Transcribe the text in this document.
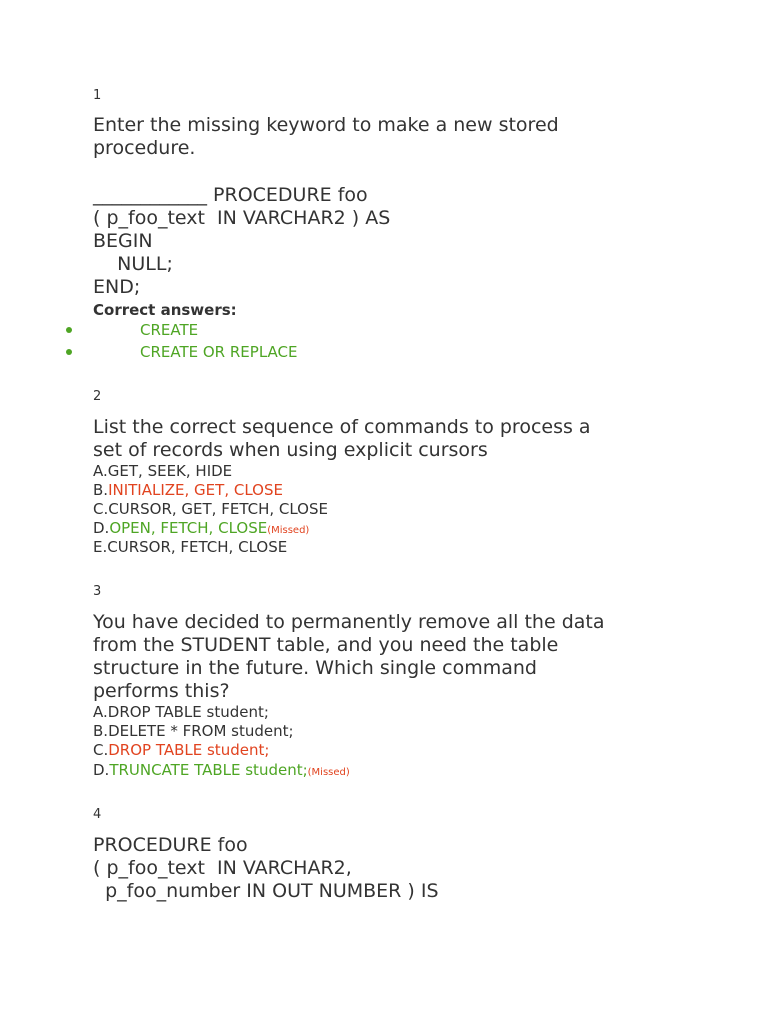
1
Enter the missing keyword to make a new stored
procedure.
____________ PROCEDURE foo
( p_foo_text  IN VARCHAR2 ) AS
BEGIN
NULL;
END;
Correct answers:
CREATE
CREATE OR REPLACE
2
List the correct sequence of commands to process a
set of records when using explicit cursors
A.GET, SEEK, HIDE
B.INITIALIZE, GET, CLOSE
C.CURSOR, GET, FETCH, CLOSE
D.OPEN, FETCH, CLOSE(Missed)
E.CURSOR, FETCH, CLOSE
3
You have decided to permanently remove all the data
from the STUDENT table, and you need the table
structure in the future. Which single command
performs this?
A.DROP TABLE student;
B.DELETE * FROM student;
C.DROP TABLE student;
D.TRUNCATE TABLE student;(Missed)
4
PROCEDURE foo
( p_foo_text  IN VARCHAR2,
p_foo_number IN OUT NUMBER ) IS
